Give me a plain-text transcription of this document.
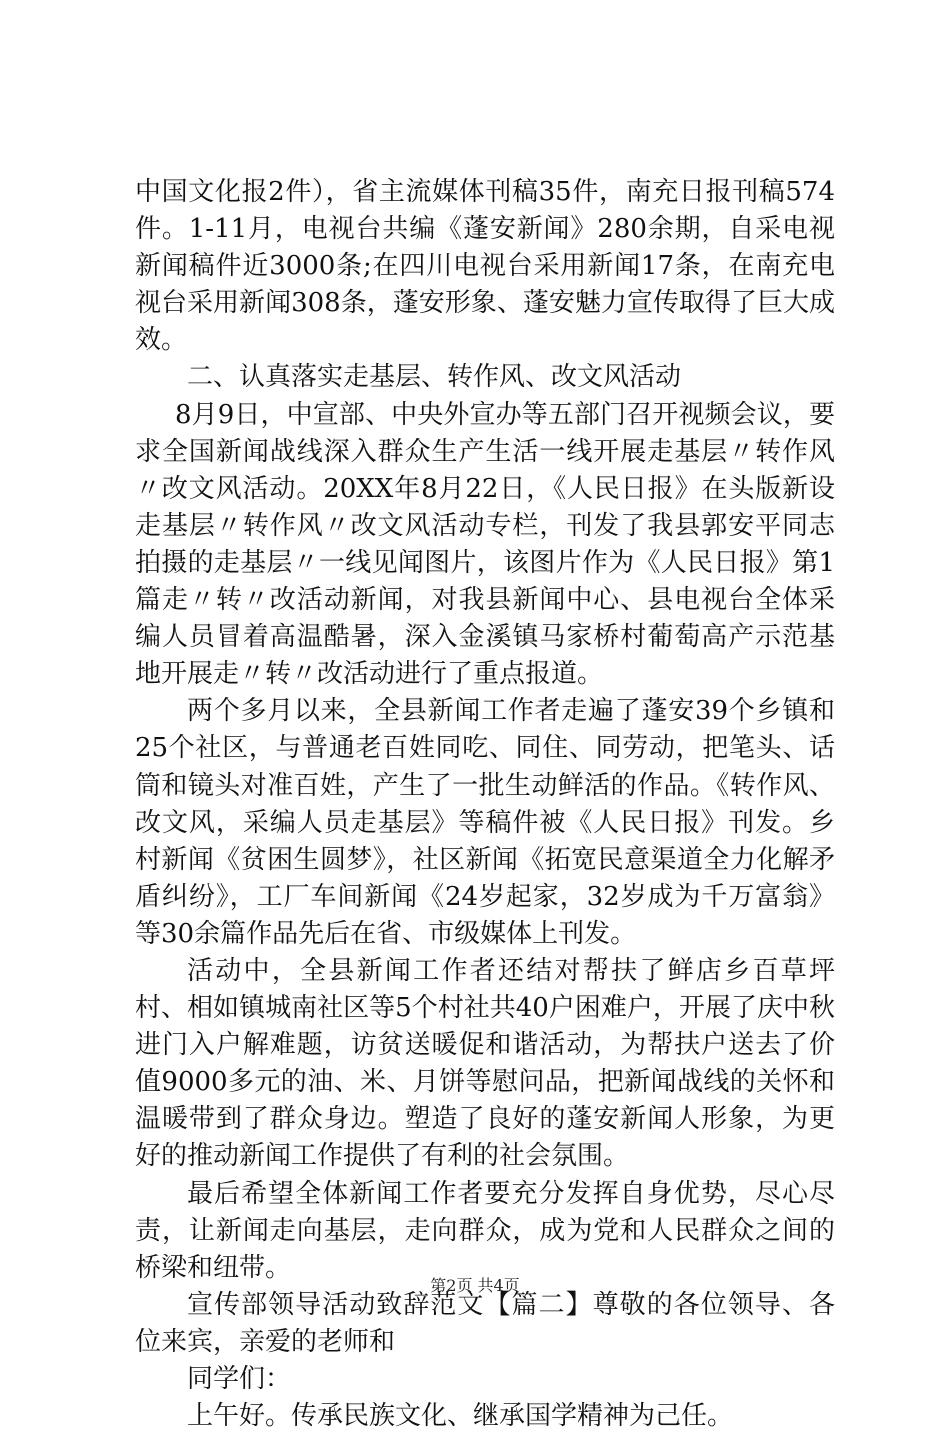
中国文化报2件），省主流媒体刊稿35件，南充日报刊稿574件。1-11月，电视台共编《蓬安新闻》280余期，自采电视新闻稿件近3000条;在四川电视台采用新闻17条，在南充电视台采用新闻308条，蓬安形象、蓬安魅力宣传取得了巨大成效。

二、认真落实走基层、转作风、改文风活动

8月9日，中宣部、中央外宣办等五部门召开视频会议，要求全国新闻战线深入群众生产生活一线开展走基层〃转作风〃改文风活动。20XX年8月22日，《人民日报》在头版新设走基层〃转作风〃改文风活动专栏，刊发了我县郭安平同志拍摄的走基层〃一线见闻图片，该图片作为《人民日报》第1篇走〃转〃改活动新闻，对我县新闻中心、县电视台全体采编人员冒着高温酷暑，深入金溪镇马家桥村葡萄高产示范基地开展走〃转〃改活动进行了重点报道。

两个多月以来，全县新闻工作者走遍了蓬安39个乡镇和25个社区，与普通老百姓同吃、同住、同劳动，把笔头、话筒和镜头对准百姓，产生了一批生动鲜活的作品。《转作风、改文风，采编人员走基层》等稿件被《人民日报》刊发。乡村新闻《贫困生圆梦》，社区新闻《拓宽民意渠道全力化解矛盾纠纷》，工厂车间新闻《24岁起家，32岁成为千万富翁》等30余篇作品先后在省、市级媒体上刊发。

活动中，全县新闻工作者还结对帮扶了鲜店乡百草坪村、相如镇城南社区等5个村社共40户困难户，开展了庆中秋进门入户解难题，访贫送暖促和谐活动，为帮扶户送去了价值9000多元的油、米、月饼等慰问品，把新闻战线的关怀和温暖带到了群众身边。塑造了良好的蓬安新闻人形象，为更好的推动新闻工作提供了有利的社会氛围。

最后希望全体新闻工作者要充分发挥自身优势，尽心尽责，让新闻走向基层，走向群众，成为党和人民群众之间的桥梁和纽带。

宣传部领导活动致辞范文【篇二】尊敬的各位领导、各位来宾，亲爱的老师和

同学们：

上午好。传承民族文化、继承国学精神为己任。

第2页 共4页
